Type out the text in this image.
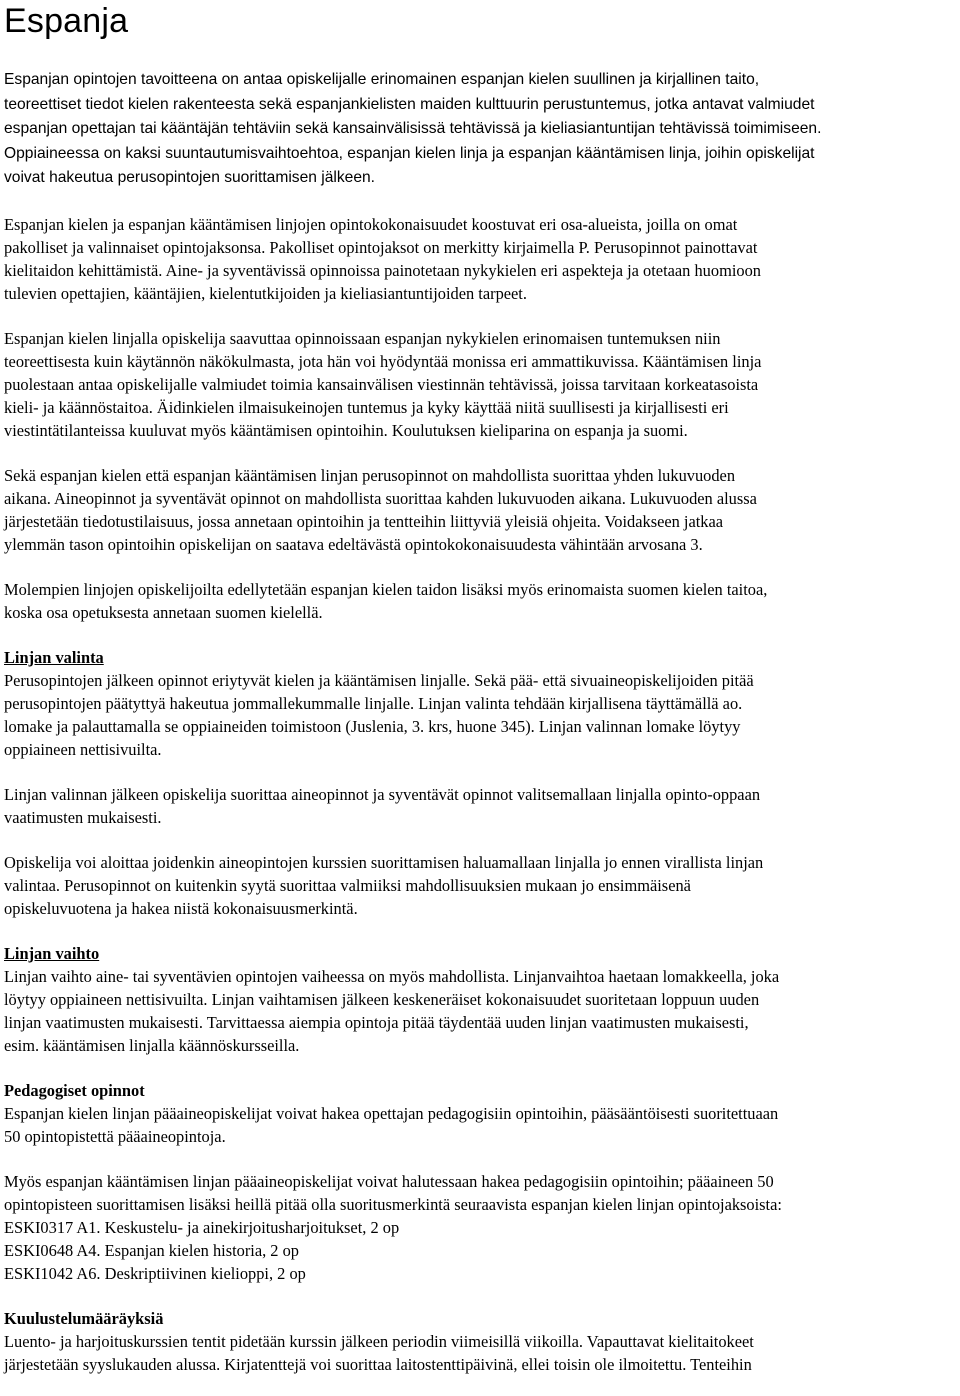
Espanja

Espanjan opintojen tavoitteena on antaa opiskelijalle erinomainen espanjan kielen suullinen ja kirjallinen taito,
teoreettiset tiedot kielen rakenteesta sekä espanjankielisten maiden kulttuurin perustuntemus, jotka antavat valmiudet
espanjan opettajan tai kääntäjän tehtäviin sekä kansainvälisissä tehtävissä ja kieliasiantuntijan tehtävissä toimimiseen.
Oppiaineessa on kaksi suuntautumisvaihtoehtoa, espanjan kielen linja ja espanjan kääntämisen linja, joihin opiskelijat
voivat hakeutua perusopintojen suorittamisen jälkeen.

Espanjan kielen ja espanjan kääntämisen linjojen opintokokonaisuudet koostuvat eri osa-alueista, joilla on omat
pakolliset ja valinnaiset opintojaksonsa. Pakolliset opintojaksot on merkitty kirjaimella P. Perusopinnot painottavat
kielitaidon kehittämistä. Aine- ja syventävissä opinnoissa painotetaan nykykielen eri aspekteja ja otetaan huomioon
tulevien opettajien, kääntäjien, kielentutkijoiden ja kieliasiantuntijoiden tarpeet.

Espanjan kielen linjalla opiskelija saavuttaa opinnoissaan espanjan nykykielen erinomaisen tuntemuksen niin
teoreettisesta kuin käytännön näkökulmasta, jota hän voi hyödyntää monissa eri ammattikuvissa. Kääntämisen linja
puolestaan antaa opiskelijalle valmiudet toimia kansainvälisen viestinnän tehtävissä, joissa tarvitaan korkeatasoista
kieli- ja käännöstaitoa. Äidinkielen ilmaisukeinojen tuntemus ja kyky käyttää niitä suullisesti ja kirjallisesti eri
viestintätilanteissa kuuluvat myös kääntämisen opintoihin. Koulutuksen kieliparina on espanja ja suomi.

Sekä espanjan kielen että espanjan kääntämisen linjan perusopinnot on mahdollista suorittaa yhden lukuvuoden
aikana. Aineopinnot ja syventävät opinnot on mahdollista suorittaa kahden lukuvuoden aikana. Lukuvuoden alussa
järjestetään tiedotustilaisuus, jossa annetaan opintoihin ja tentteihin liittyviä yleisiä ohjeita. Voidakseen jatkaa
ylemmän tason opintoihin opiskelijan on saatava edeltävästä opintokokonaisuudesta vähintään arvosana 3.

Molempien linjojen opiskelijoilta edellytetään espanjan kielen taidon lisäksi myös erinomaista suomen kielen taitoa,
koska osa opetuksesta annetaan suomen kielellä.

Linjan valinta

Perusopintojen jälkeen opinnot eriytyvät kielen ja kääntämisen linjalle. Sekä pää- että sivuaineopiskelijoiden pitää
perusopintojen päätyttyä hakeutua jommallekummalle linjalle. Linjan valinta tehdään kirjallisena täyttämällä ao.
lomake ja palauttamalla se oppiaineiden toimistoon (Juslenia, 3. krs, huone 345). Linjan valinnan lomake löytyy
oppiaineen nettisivuilta.

Linjan valinnan jälkeen opiskelija suorittaa aineopinnot ja syventävät opinnot valitsemallaan linjalla opinto-oppaan
vaatimusten mukaisesti.

Opiskelija voi aloittaa joidenkin aineopintojen kurssien suorittamisen haluamallaan linjalla jo ennen virallista linjan
valintaa. Perusopinnot on kuitenkin syytä suorittaa valmiiksi mahdollisuuksien mukaan jo ensimmäisenä
opiskeluvuotena ja hakea niistä kokonaisuusmerkintä.

Linjan vaihto

Linjan vaihto aine- tai syventävien opintojen vaiheessa on myös mahdollista. Linjanvaihtoa haetaan lomakkeella, joka
löytyy oppiaineen nettisivuilta. Linjan vaihtamisen jälkeen keskeneräiset kokonaisuudet suoritetaan loppuun uuden
linjan vaatimusten mukaisesti. Tarvittaessa aiempia opintoja pitää täydentää uuden linjan vaatimusten mukaisesti,
esim. kääntämisen linjalla käännöskursseilla.

Pedagogiset opinnot

Espanjan kielen linjan pääaineopiskelijat voivat hakea opettajan pedagogisiin opintoihin, pääsääntöisesti suoritettuaan
50 opintopistettä pääaineopintoja.

Myös espanjan kääntämisen linjan pääaineopiskelijat voivat halutessaan hakea pedagogisiin opintoihin; pääaineen 50
opintopisteen suorittamisen lisäksi heillä pitää olla suoritusmerkintä seuraavista espanjan kielen linjan opintojaksoista:
ESKI0317 A1. Keskustelu- ja ainekirjoitusharjoitukset, 2 op
ESKI0648 A4. Espanjan kielen historia, 2 op
ESKI1042 A6. Deskriptiivinen kielioppi, 2 op

Kuulustelumääräyksiä

Luento- ja harjoituskurssien tentit pidetään kurssin jälkeen periodin viimeisillä viikoilla. Vapauttavat kielitaitokeet
järjestetään syyslukauden alussa. Kirjatenttejä voi suorittaa laitostenttipäivinä, ellei toisin ole ilmoitettu. Tenteihin
